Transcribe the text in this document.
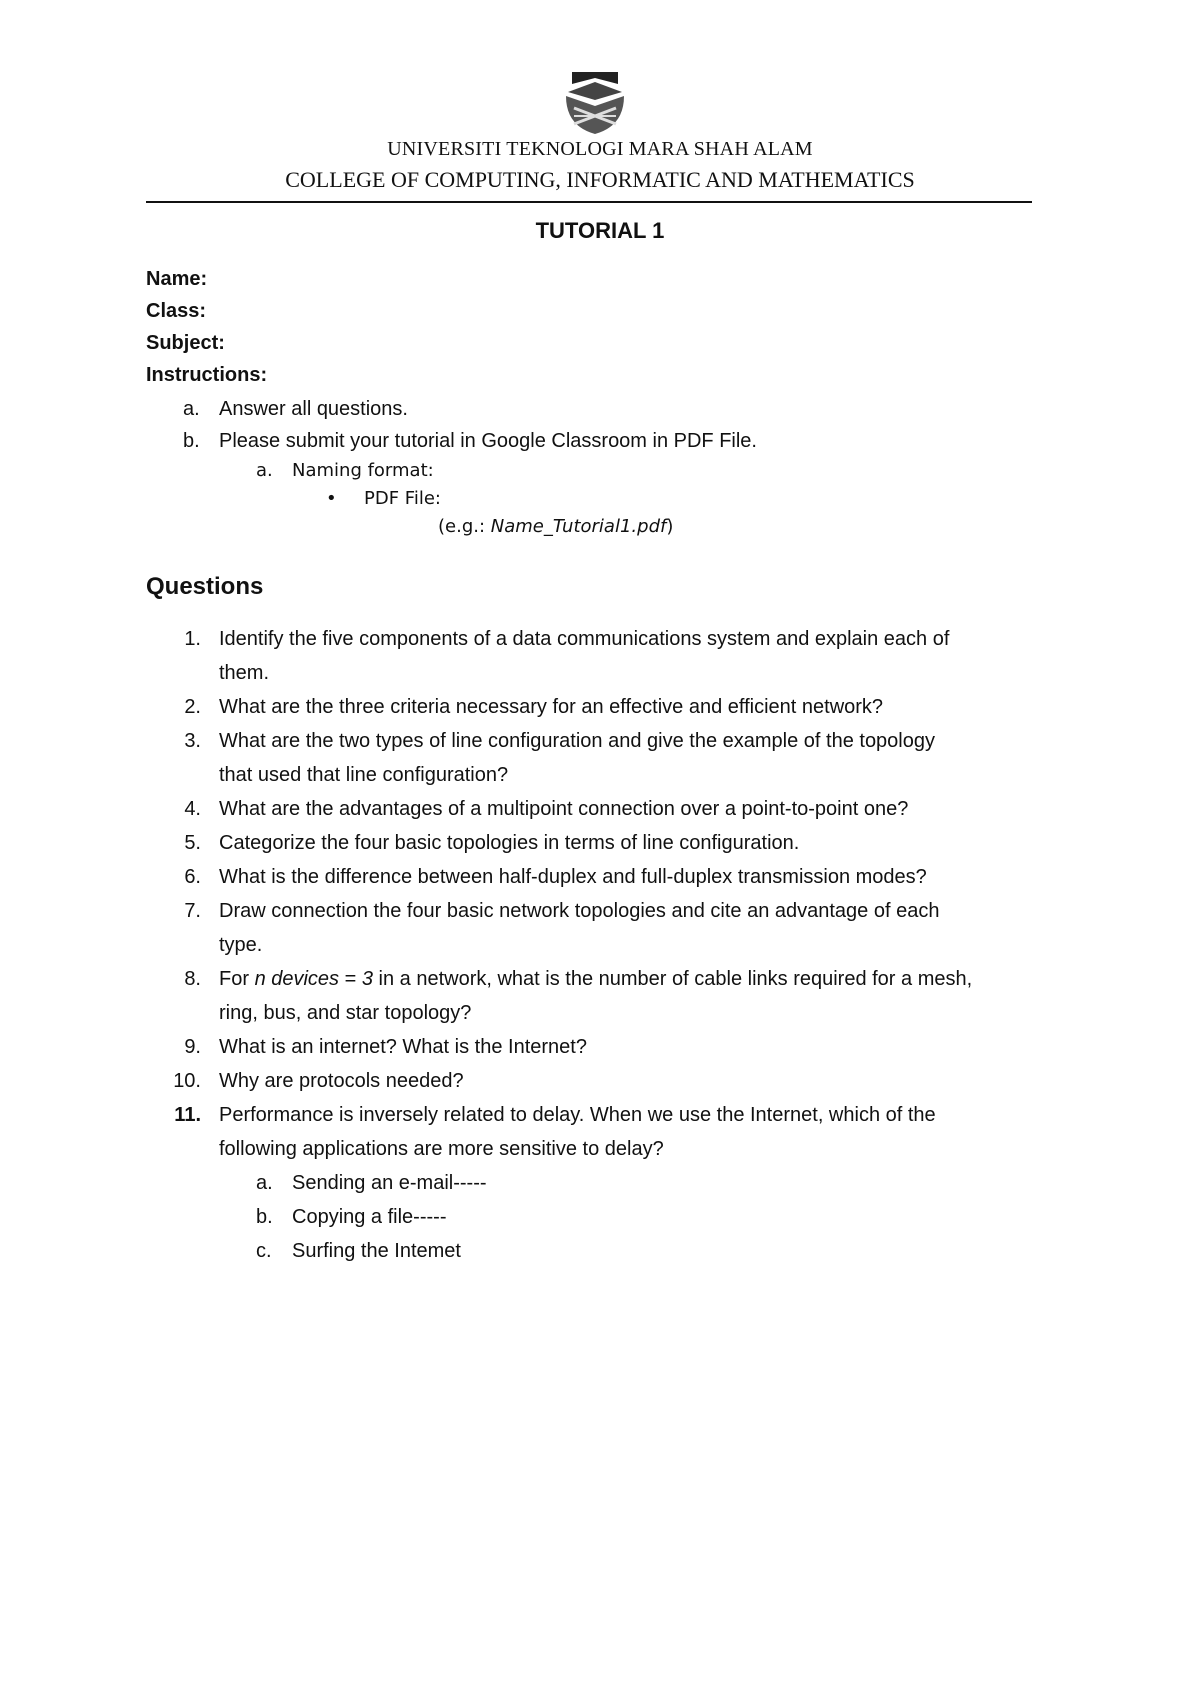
UNIVERSITI TEKNOLOGI MARA SHAH ALAM
COLLEGE OF COMPUTING, INFORMATIC AND MATHEMATICS
TUTORIAL 1
Name:
Class:
Subject:
Instructions:
a. Answer all questions.
b. Please submit your tutorial in Google Classroom in PDF File.
a. Naming format:
• PDF File:
(e.g.: Name_Tutorial1.pdf)
Questions
1. Identify the five components of a data communications system and explain each of
them.
2. What are the three criteria necessary for an effective and efficient network?
3. What are the two types of line configuration and give the example of the topology
that used that line configuration?
4. What are the advantages of a multipoint connection over a point-to-point one?
5. Categorize the four basic topologies in terms of line configuration.
6. What is the difference between half-duplex and full-duplex transmission modes?
7. Draw connection the four basic network topologies and cite an advantage of each
type.
8. For n devices = 3 in a network, what is the number of cable links required for a mesh,
ring, bus, and star topology?
9. What is an internet? What is the Internet?
10. Why are protocols needed?
11. Performance is inversely related to delay. When we use the Internet, which of the
following applications are more sensitive to delay?
a. Sending an e-mail-----
b. Copying a file-----
c. Surfing the Intemet
